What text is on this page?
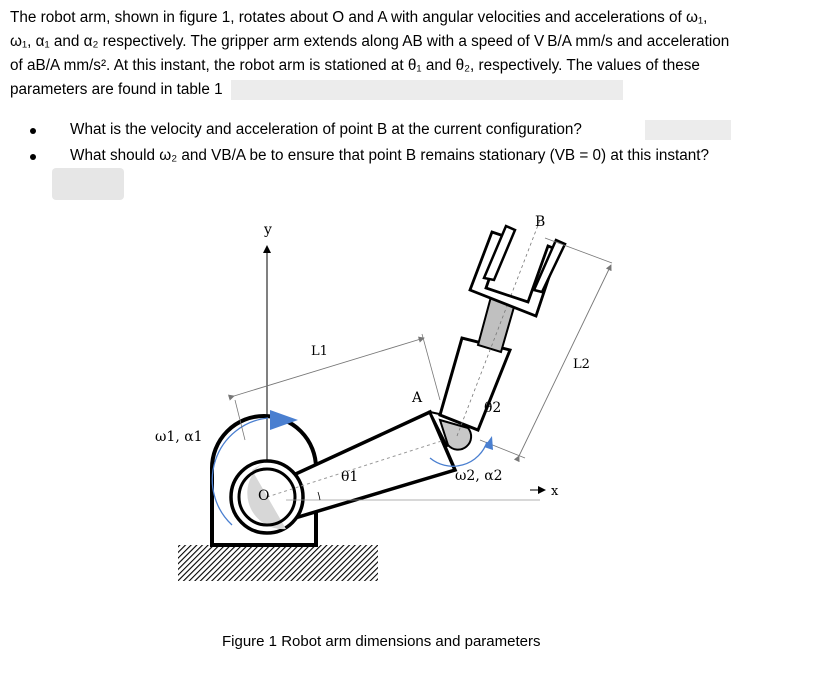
The robot arm, shown in figure 1, rotates about O and A with angular velocities and accelerations of ω₁,
ω₁, α₁ and α₂ respectively. The gripper arm extends along AB with a speed of V B/A mm/s and acceleration
of aB/A mm/s². At this instant, the robot arm is stationed at θ₁ and θ₂, respectively. The values of these
parameters are found in table 1
What is the velocity and acceleration of point B at the current configuration?
What should ω₂ and VB/A be to ensure that point B remains stationary (VB = 0) at this instant?
y
x
O
A
B
L1
L2
θ1
θ2
ω1, α1
ω2, α2
Figure 1 Robot arm dimensions and parameters
